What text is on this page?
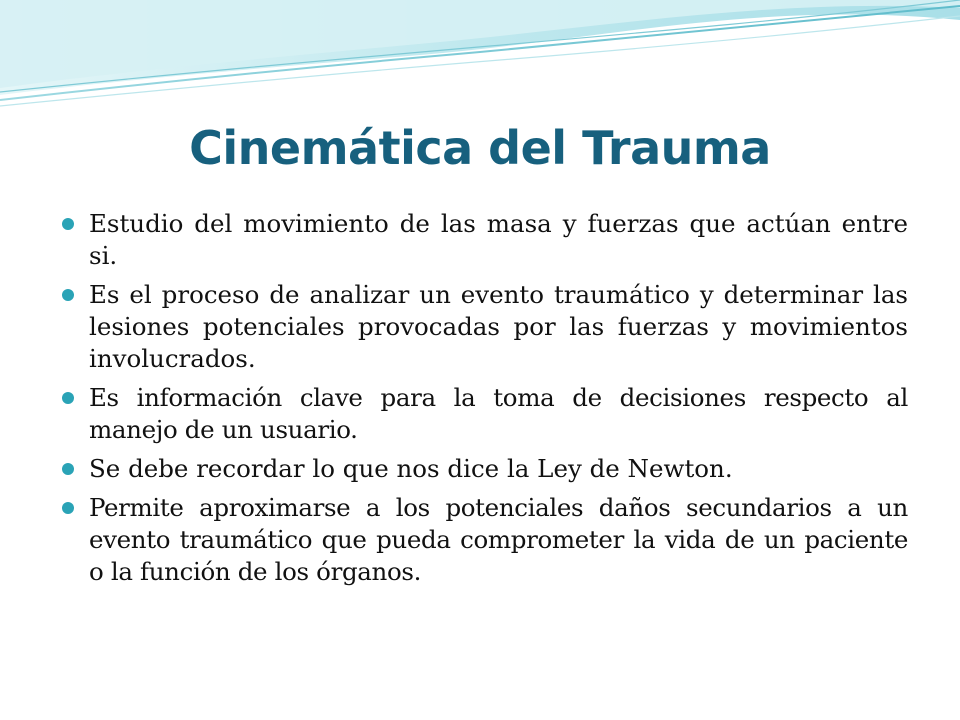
Cinemática del Trauma
Estudio del movimiento de las masa y fuerzas que actúan entre si.
Es el proceso de analizar un evento traumático y determinar las lesiones potenciales provocadas por las fuerzas y movimientos involucrados.
Es información clave para la toma de decisiones respecto al manejo de un usuario.
Se debe recordar lo que nos dice la Ley de Newton.
Permite aproximarse a los potenciales daños secundarios a un evento traumático que pueda comprometer la vida de un paciente o la función de los órganos.
